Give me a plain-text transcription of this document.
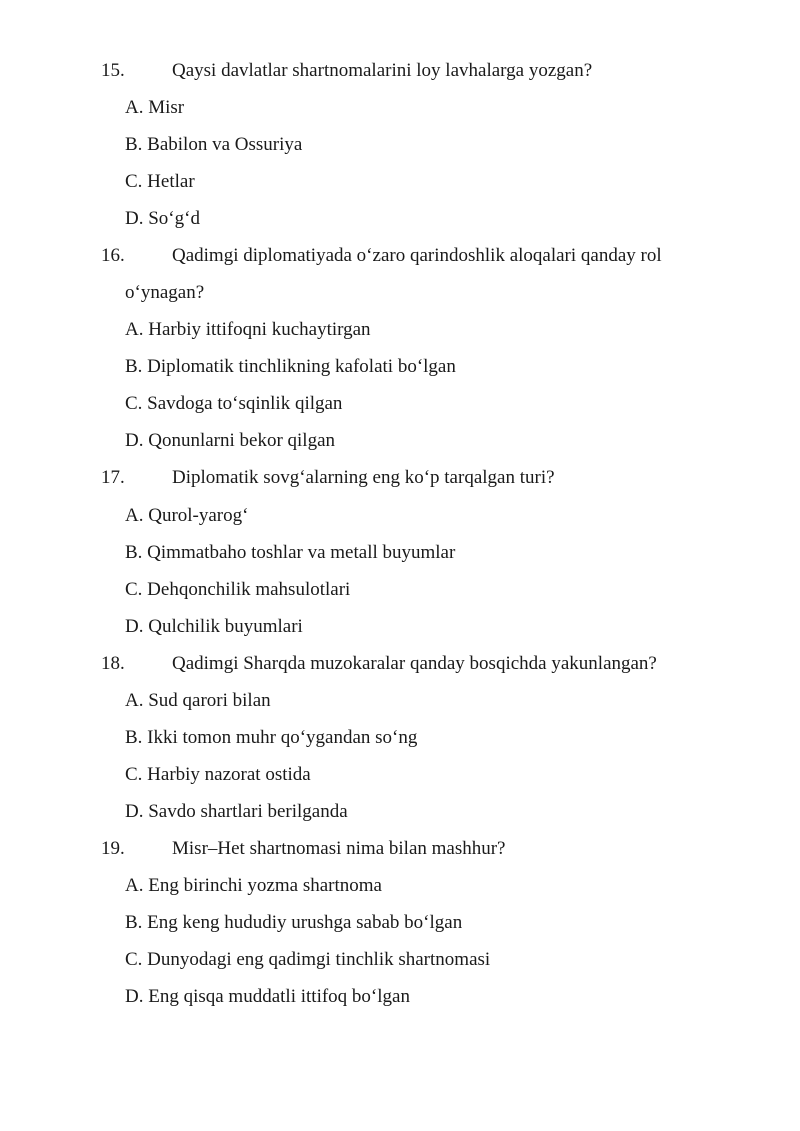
15. Qaysi davlatlar shartnomalarini loy lavhalarga yozgan?
A. Misr
B. Babilon va Ossuriya
C. Hetlar
D. So‘g‘d
16. Qadimgi diplomatiyada o‘zaro qarindoshlik aloqalari qanday rol
o‘ynagan?
A. Harbiy ittifoqni kuchaytirgan
B. Diplomatik tinchlikning kafolati bo‘lgan
C. Savdoga to‘sqinlik qilgan
D. Qonunlarni bekor qilgan
17. Diplomatik sovg‘alarning eng ko‘p tarqalgan turi?
A. Qurol-yarog‘
B. Qimmatbaho toshlar va metall buyumlar
C. Dehqonchilik mahsulotlari
D. Qulchilik buyumlari
18. Qadimgi Sharqda muzokaralar qanday bosqichda yakunlangan?
A. Sud qarori bilan
B. Ikki tomon muhr qo‘ygandan so‘ng
C. Harbiy nazorat ostida
D. Savdo shartlari berilganda
19. Misr–Het shartnomasi nima bilan mashhur?
A. Eng birinchi yozma shartnoma
B. Eng keng hududiy urushga sabab bo‘lgan
C. Dunyodagi eng qadimgi tinchlik shartnomasi
D. Eng qisqa muddatli ittifoq bo‘lgan
